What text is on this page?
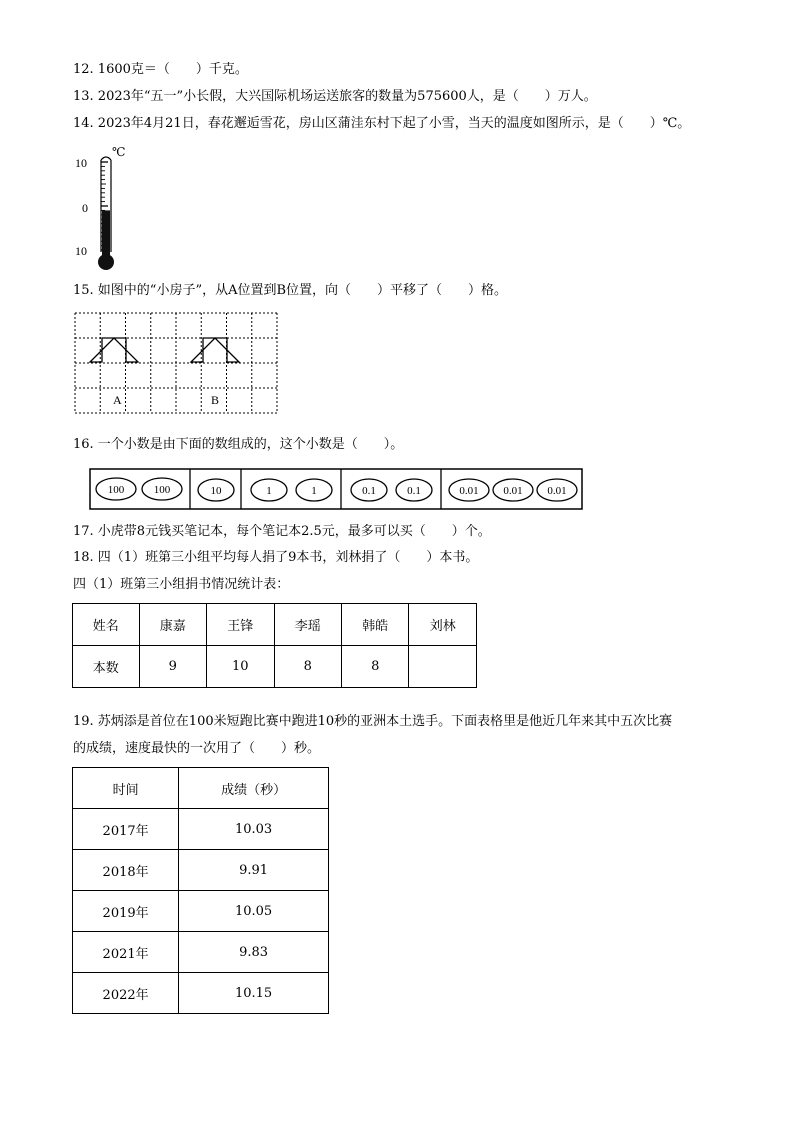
12. 1600克＝（　　）千克。
13. 2023年“五一”小长假，大兴国际机场运送旅客的数量为575600人，是（　　）万人。
14. 2023年4月21日，春花邂逅雪花，房山区蒲洼东村下起了小雪，当天的温度如图所示，是（　　）℃。
℃
10
0
10
15. 如图中的“小房子”，从A位置到B位置，向（　　）平移了（　　）格。
A	B
16. 一个小数是由下面的数组成的，这个小数是（　　）。
100	100	10	1	1	0.1	0.1	0.01 0.01 0.01
17. 小虎带8元钱买笔记本，每个笔记本2.5元，最多可以买（　　）个。
18. 四（1）班第三小组平均每人捐了9本书，刘林捐了（　　）本书。
四（1）班第三小组捐书情况统计表：
姓名	康嘉	王锋	李瑶	韩皓	刘林
本数	9	10	8	8	
19. 苏炳添是首位在100米短跑比赛中跑进10秒的亚洲本土选手。下面表格里是他近几年来其中五次比赛
的成绩，速度最快的一次用了（　　）秒。
时间	成绩（秒）
2017年	10.03
2018年	9.91
2019年	10.05
2021年	9.83
2022年	10.15
